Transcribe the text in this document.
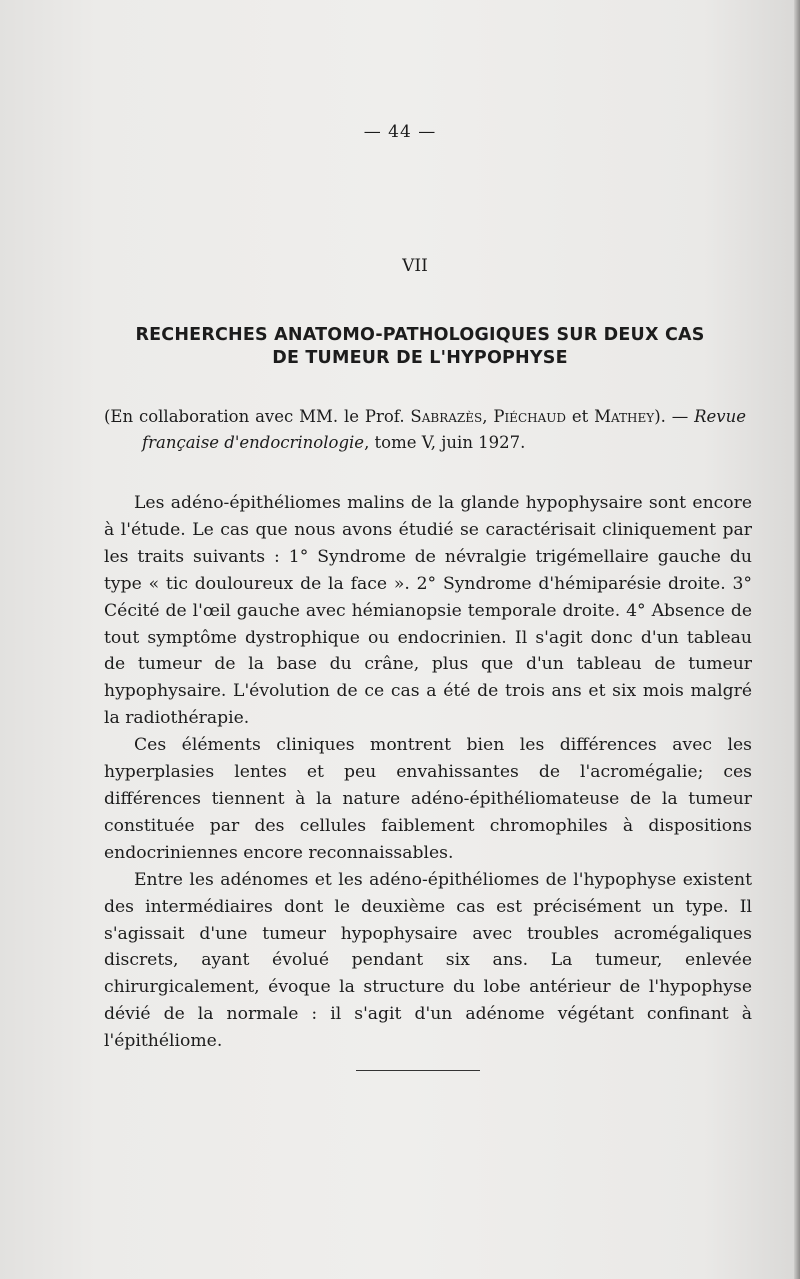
— 44 —
VII
RECHERCHES ANATOMO-PATHOLOGIQUES SUR DEUX CAS
DE TUMEUR DE L'HYPOPHYSE
(En collaboration avec MM. le Prof. Sabrazès, Piéchaud et Mathey). — Revue
française d'endocrinologie, tome V, juin 1927.

Les adéno-épithéliomes malins de la glande hypophysaire sont encore à l'étude. Le cas que nous avons étudié se caractérisait cliniquement par les traits suivants : 1° Syndrome de névralgie trigémellaire gauche du type « tic douloureux de la face ». 2° Syndrome d'hémiparésie droite. 3° Cécité de l'œil gauche avec hémianopsie temporale droite. 4° Absence de tout symptôme dystrophique ou endocrinien. Il s'agit donc d'un tableau de tumeur de la base du crâne, plus que d'un tableau de tumeur hypophysaire. L'évolution de ce cas a été de trois ans et six mois malgré la radiothérapie.

Ces éléments cliniques montrent bien les différences avec les hyperplasies lentes et peu envahissantes de l'acromégalie; ces différences tiennent à la nature adéno-épithéliomateuse de la tumeur constituée par des cellules faiblement chromophiles à dispositions endocriniennes encore reconnaissables.

Entre les adénomes et les adéno-épithéliomes de l'hypophyse existent des intermédiaires dont le deuxième cas est précisément un type. Il s'agissait d'une tumeur hypophysaire avec troubles acromégaliques discrets, ayant évolué pendant six ans. La tumeur, enlevée chirurgicalement, évoque la structure du lobe antérieur de l'hypophyse dévié de la normale : il s'agit d'un adénome végétant confinant à l'épithéliome.
